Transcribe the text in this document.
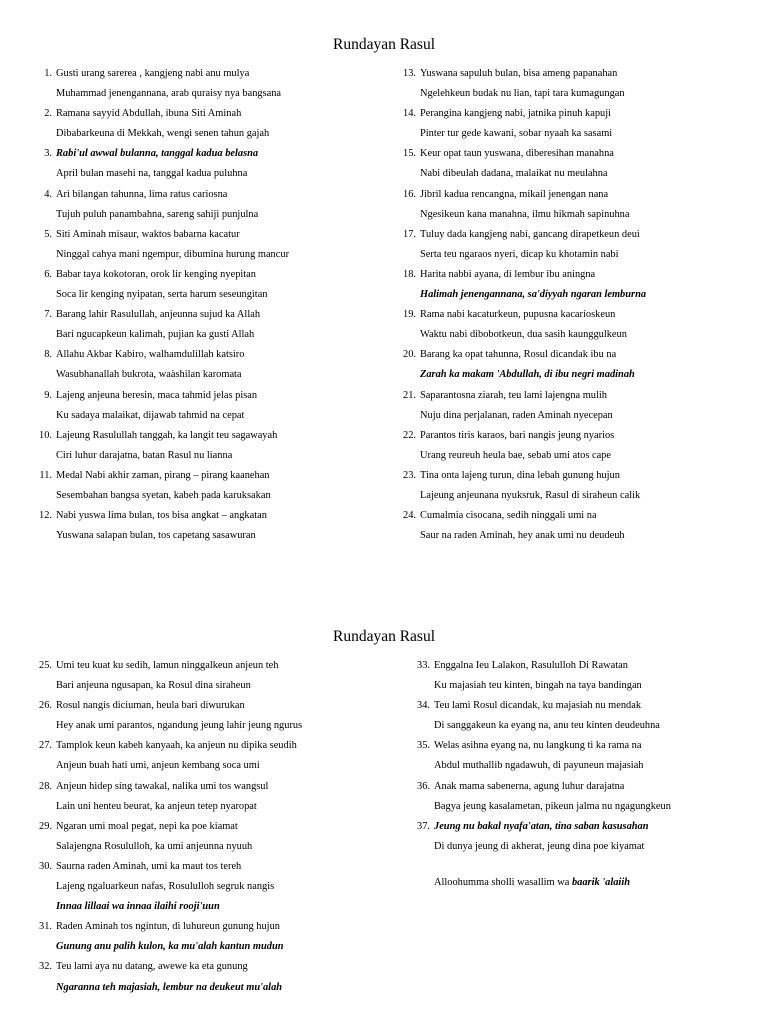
Rundayan Rasul
1. Gusti urang sarerea , kangjeng nabi anu mulya
Muhammad jenengannana, arab quraisy nya bangsana
2. Ramana sayyid Abdullah, ibuna Siti Aminah
Dibabarkeuna di Mekkah, wengi senen tahun gajah
3. Rabi'ul awwal bulanna, tanggal kadua belasna
April bulan masehi na, tanggal kadua puluhna
4. Ari bilangan tahunna, lima ratus cariosna
Tujuh puluh panambahna, sareng sahiji punjulna
5. Siti Aminah misaur, waktos babarna kacatur
Ninggal cahya mani ngempur, dibumina hurung mancur
6. Babar taya kokotoran, orok lir kenging nyepitan
Soca lir kenging nyipatan, serta harum seseungitan
7. Barang lahir Rasulullah, anjeunna sujud ka Allah
Bari ngucapkeun kalimah, pujian ka gusti Allah
8. Allahu Akbar Kabiro, walhamdulillah katsiro
Wasubhanallah bukrota, waàshilan karomata
9. Lajeng anjeuna beresin, maca tahmid jelas pisan
Ku sadaya malaikat, dijawab tahmid na cepat
10. Lajeung Rasulullah tanggah, ka langit teu sagawayah
Ciri luhur darajatna, batan Rasul nu lianna
11. Medal Nabi akhir zaman, pirang – pirang kaanehan
Sesembahan bangsa syetan, kabeh pada karuksakan
12. Nabi yuswa lima bulan, tos bisa angkat – angkatan
Yuswana salapan bulan, tos capetang sasawuran
13. Yuswana sapuluh bulan, bisa ameng papanahan
Ngelehkeun budak nu lian, tapi tara kumagungan
14. Perangina kangjeng nabi, jatnika pinuh kapuji
Pinter tur gede kawani, sobar nyaah ka sasami
15. Keur opat taun yuswana, diberesihan manahna
Nabi dibeulah dadana, malaikat nu meulahna
16. Jibril kadua rencangna, mikail jenengan nana
Ngesikeun kana manahna, ilmu hikmah sapinuhna
17. Tuluy dada kangjeng nabi, gancang dirapetkeun deui
Serta teu ngaraos nyeri, dicap ku khotamin nabi
18. Harita nabbi ayana, di lembur ibu aningna
Halimah jenengannana, sa'diyyah ngaran lemburna
19. Rama nabi kacaturkeun, pupusna kacarioskeun
Waktu nabi dibobotkeun, dua sasih kaunggulkeun
20. Barang ka opat tahunna, Rosul dicandak ibu na
Zarah ka makam 'Abdullah, di ibu negri madinah
21. Saparantosna ziarah, teu lami lajengna mulih
Nuju dina perjalanan, raden Aminah nyecepan
22. Parantos tiris karaos, bari nangis jeung nyarios
Urang reureuh heula bae, sebab umi atos cape
23. Tina onta lajeng turun, dina lebah gunung hujun
Lajeung anjeunana nyuksruk, Rasul di siraheun calik
24. Cumalmia cisocana, sedih ninggali umi na
Saur na raden Aminah, hey anak umi nu deudeuh
Rundayan Rasul
25. Umi teu kuat ku sedih, lamun ninggalkeun anjeun teh
Bari anjeuna ngusapan, ka Rosul dina siraheun
26. Rosul nangis diciuman, heula bari diwurukan
Hey anak umi parantos, ngandung jeung lahir jeung ngurus
27. Tamplok keun kabeh kanyaah, ka anjeun nu dipika seudih
Anjeun buah hati umi, anjeun kembang soca umi
28. Anjeun hidep sing tawakal, nalika umi tos wangsul
Lain uni henteu beurat, ka anjeun tetep nyaropat
29. Ngaran umi moal pegat, nepi ka poe kiamat
Salajengna Rosululloh, ka umi anjeunna nyuuh
30. Saurna raden Aminah, umi ka maut tos tereh
Lajeng ngaluarkeun nafas, Rosululloh segruk nangis
Innaa lillaai wa innaa ilaihi rooji'uun
31. Raden Aminah tos ngintun, di luhureun gunung hujun
Gunung anu palih kulon, ka mu'alah kantun mudun
32. Teu lami aya nu datang, awewe ka eta gunung
Ngaranna teh majasiah, lembur na deukeut mu'alah
33. Enggalna Ieu Lalakon, Rasululloh Di Rawatan
Ku majasiah teu kinten, bingah na taya bandingan
34. Teu lami Rosul dicandak, ku majasiah nu mendak
Di sanggakeun ka eyang na, anu teu kinten deudeuhna
35. Welas asihna eyang na, nu langkung ti ka rama na
Abdul muthallib ngadawuh, di payuneun majasiah
36. Anak mama sabenerna, agung luhur darajatna
Bagya jeung kasalametan, pikeun jalma nu ngagungkeun
37. Jeung nu bakal nyafa'atan, tina saban kasusahan
Di dunya jeung di akherat, jeung dina poe kiyamat
Alloohumma sholli wasallim wa baarik 'alaiih
